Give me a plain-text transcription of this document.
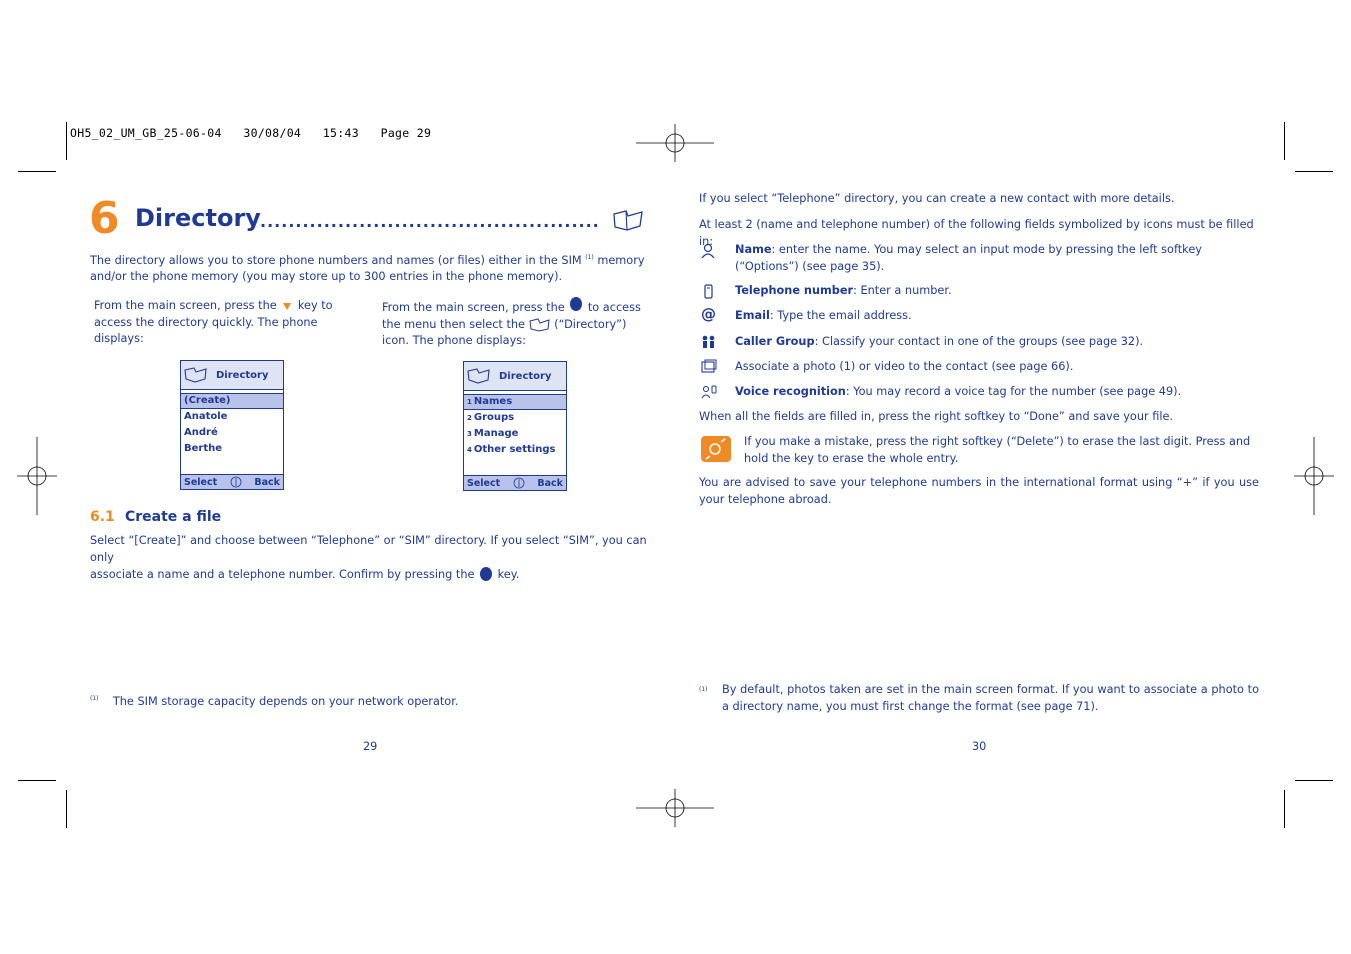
OH5_02_UM_GB_25-06-04   30/08/04   15:43   Page 29
6 Directory ................................................
The directory allows you to store phone numbers and names (or files) either in the SIM $^{(1)}$ memory and/or the phone memory (you may store up to 300 entries in the phone memory).
From the main screen, press the key to access the directory quickly. The phone displays:
From the main screen, press the to access the menu then select the	(“Directory”) icon. The phone displays:
Directory
(Create)
Anatole
André
Berthe
Select	Back
Directory
1 Names
2 Groups
3 Manage
4 Other settings
Select	Back
6.1 Create a file
Select “[Create]” and choose between “Telephone” or “SIM” directory. If you select “SIM”, you can only
associate a name and a telephone number. Confirm by pressing the key.
$^{(1)}$ The SIM storage capacity depends on your network operator.
29
If you select “Telephone” directory, you can create a new contact with more details.
At least 2 (name and telephone number) of the following fields symbolized by icons must be filled in:
Name: enter the name. You may select an input mode by pressing the left softkey (“Options”) (see page 35).
Telephone number: Enter a number.
@ Email: Type the email address.
Caller Group: Classify your contact in one of the groups (see page 32).
Associate a photo (1) or video to the contact (see page 66).
Voice recognition: You may record a voice tag for the number (see page 49).
When all the fields are filled in, press the right softkey to “Done” and save your file.
If you make a mistake, press the right softkey (“Delete”) to erase the last digit. Press and hold the key to erase the whole entry.
You are advised to save your telephone numbers in the international format using “+” if you use your telephone abroad.
$^{(1)}$ By default, photos taken are set in the main screen format. If you want to associate a photo to a directory name, you must first change the format (see page 71).
30
